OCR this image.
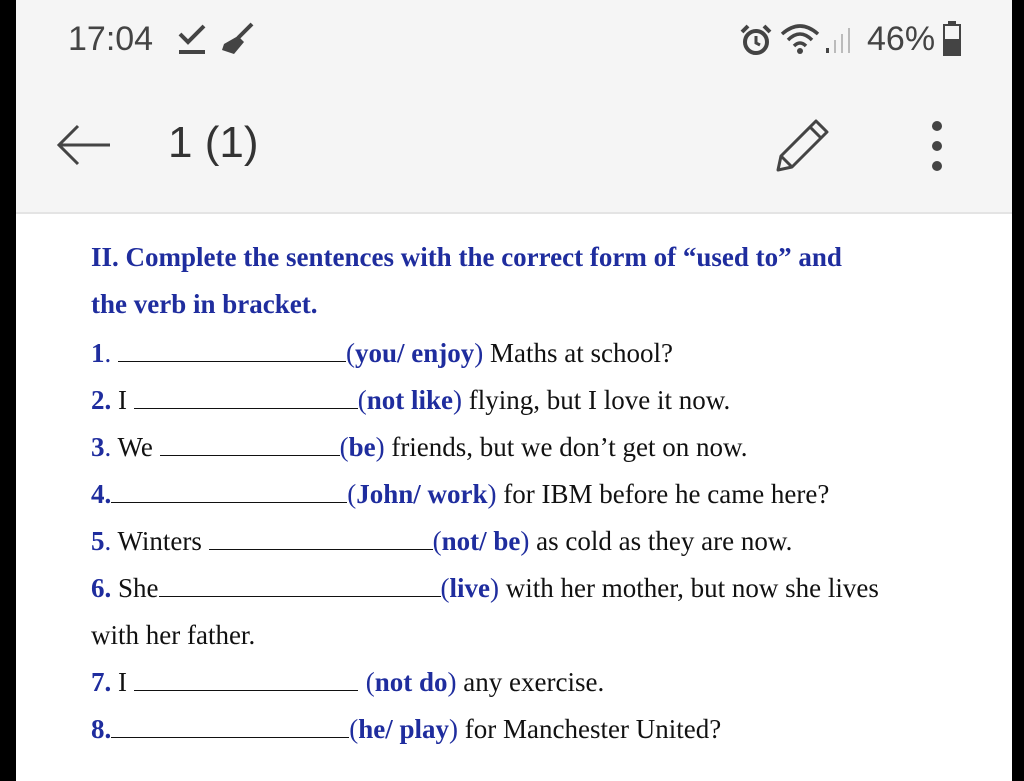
17:04	46%
1 (1)
II. Complete the sentences with the correct form of “used to” and
the verb in bracket.
1.	(you/ enjoy) Maths at school?
2. I	(not like) flying, but I love it now.
3. We	(be) friends, but we don’t get on now.
4.	(John/ work) for IBM before he came here?
5. Winters	(not/ be) as cold as they are now.
6. She	(live) with her mother, but now she lives
with her father.
7. I	(not do) any exercise.
8.	(he/ play) for Manchester United?
